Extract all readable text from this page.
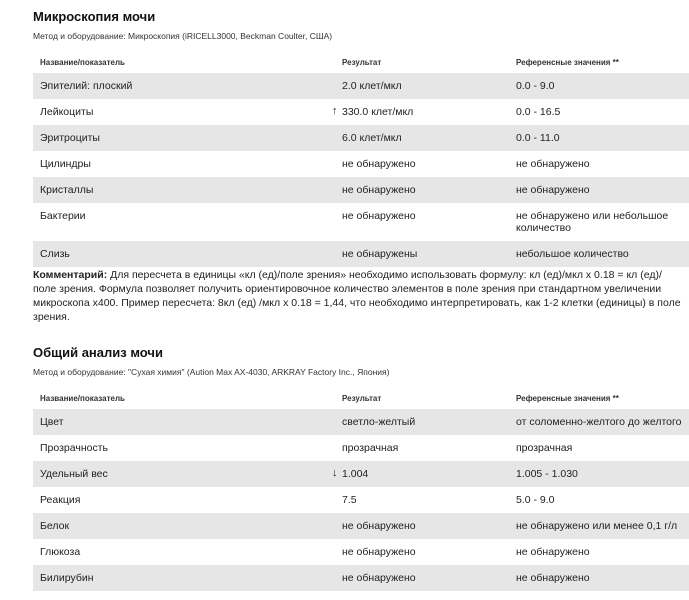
Микроскопия мочи
Метод и оборудование: Микроскопия (iRICELL3000, Beckman Coulter, США)
Название/показатель	Результат	Референсные значения **
Эпителий: плоский	2.0 клет/мкл	0.0 - 9.0
Лейкоциты	↑ 330.0 клет/мкл	0.0 - 16.5
Эритроциты	6.0 клет/мкл	0.0 - 11.0
Цилиндры	не обнаружено	не обнаружено
Кристаллы	не обнаружено	не обнаружено
Бактерии	не обнаружено	не обнаружено или небольшое количество
Слизь	не обнаружены	небольшое количество
Комментарий: Для пересчета в единицы «кл (ед)/поле зрения» необходимо использовать формулу: кл (ед)/мкл x 0.18 = кл (ед)/поле зрения. Формула позволяет получить ориентировочное количество элементов в поле зрения при стандартном увеличении микроскопа х400. Пример пересчета: 8кл (ед) /мкл x 0.18 = 1,44, что необходимо интерпретировать, как 1-2 клетки (единицы) в поле зрения.
Общий анализ мочи
Метод и оборудование: "Сухая химия" (Aution Max AX-4030, ARKRAY Factory Inc., Япония)
Название/показатель	Результат	Референсные значения **
Цвет	светло-желтый	от соломенно-желтого до желтого
Прозрачность	прозрачная	прозрачная
Удельный вес	↓ 1.004	1.005 - 1.030
Реакция	7.5	5.0 - 9.0
Белок	не обнаружено	не обнаружено или менее 0,1 г/л
Глюкоза	не обнаружено	не обнаружено
Билирубин	не обнаружено	не обнаружено
